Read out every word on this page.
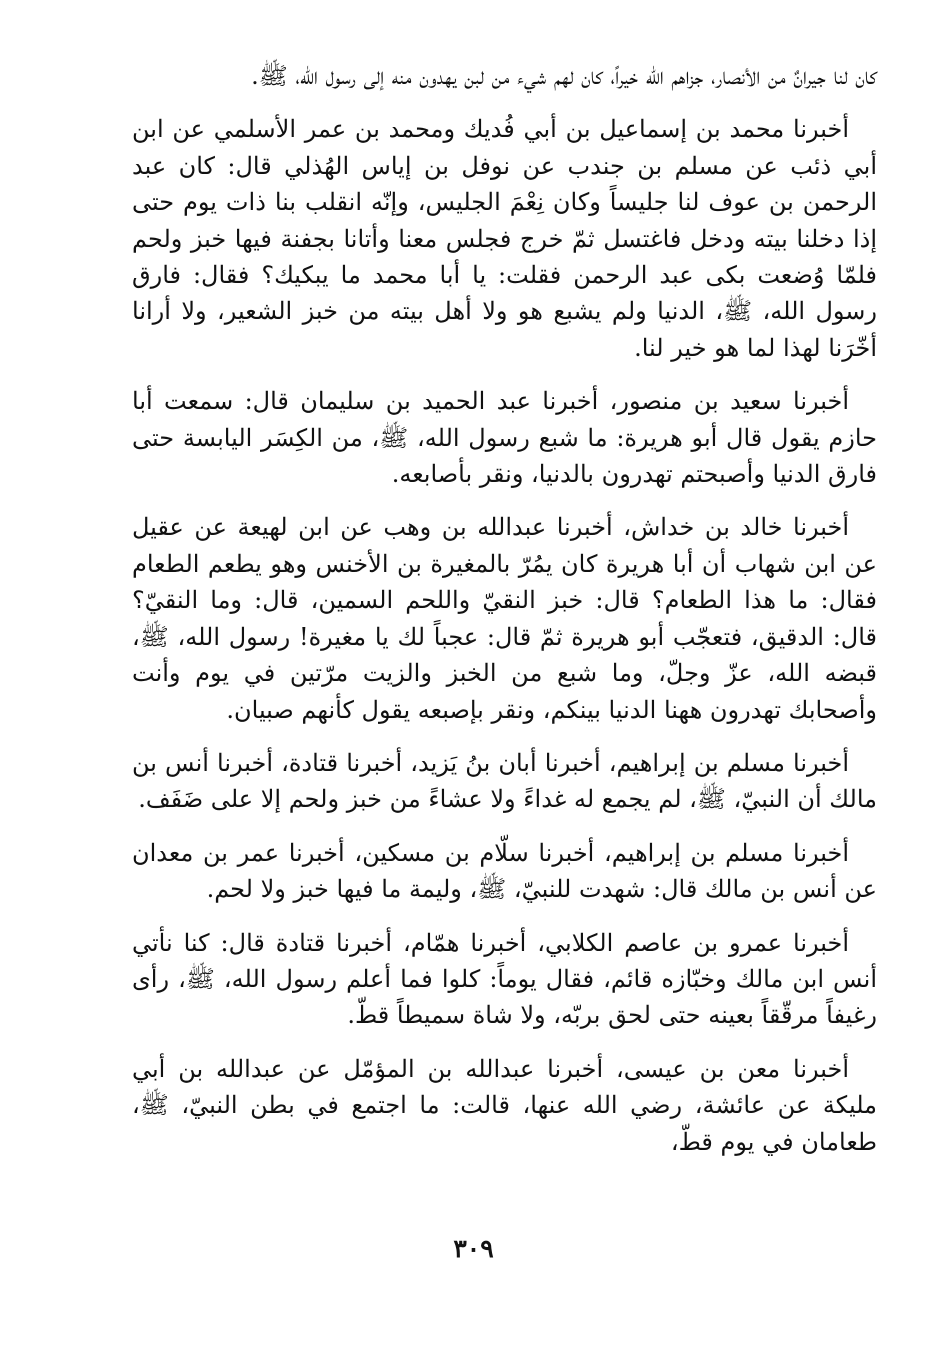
كان لنا جيرانٌ من الأنصار، جزاهم الله خيراً، كان لهم شيء من لبن يهدون منه إلى رسول الله، ﷺ.

أخبرنا محمد بن إسماعيل بن أبي فُديك ومحمد بن عمر الأسلمي عن ابن أبي ذئب عن مسلم بن جندب عن نوفل بن إياس الهُذلي قال: كان عبد الرحمن بن عوف لنا جليساً وكان نِعْمَ الجليس، وإنّه انقلب بنا ذات يوم حتى إذا دخلنا بيته ودخل فاغتسل ثمّ خرج فجلس معنا وأتانا بجفنة فيها خبز ولحم فلمّا وُضعت بكى عبد الرحمن فقلت: يا أبا محمد ما يبكيك؟ فقال: فارق رسول الله، ﷺ، الدنيا ولم يشبع هو ولا أهل بيته من خبز الشعير، ولا أرانا أخّرَنا لهذا لما هو خير لنا.

أخبرنا سعيد بن منصور، أخبرنا عبد الحميد بن سليمان قال: سمعت أبا حازم يقول قال أبو هريرة: ما شبع رسول الله، ﷺ، من الكِسَر اليابسة حتى فارق الدنيا وأصبحتم تهدرون بالدنيا، ونقر بأصابعه.

أخبرنا خالد بن خداش، أخبرنا عبدالله بن وهب عن ابن لهيعة عن عقيل عن ابن شهاب أن أبا هريرة كان يمُرّ بالمغيرة بن الأخنس وهو يطعم الطعام فقال: ما هذا الطعام؟ قال: خبز النقيّ واللحم السمين، قال: وما النقيّ؟ قال: الدقيق، فتعجّب أبو هريرة ثمّ قال: عجباً لك يا مغيرة! رسول الله، ﷺ، قبضه الله، عزّ وجلّ، وما شبع من الخبز والزيت مرّتين في يوم وأنت وأصحابك تهدرون ههنا الدنيا بينكم، ونقر بإصبعه يقول كأنهم صبيان.

أخبرنا مسلم بن إبراهيم، أخبرنا أبان بنُ يَزيد، أخبرنا قتادة، أخبرنا أنس بن مالك أن النبيّ، ﷺ، لم يجمع له غداءً ولا عشاءً من خبز ولحم إلا على ضَفَف.

أخبرنا مسلم بن إبراهيم، أخبرنا سلّام بن مسكين، أخبرنا عمر بن معدان عن أنس بن مالك قال: شهدت للنبيّ، ﷺ، وليمة ما فيها خبز ولا لحم.

أخبرنا عمرو بن عاصم الكلابي، أخبرنا همّام، أخبرنا قتادة قال: كنا نأتي أنس ابن مالك وخبّازه قائم، فقال يوماً: كلوا فما أعلم رسول الله، ﷺ، رأى رغيفاً مرقّقاً بعينه حتى لحق بربّه، ولا شاة سميطاً قطّ.

أخبرنا معن بن عيسى، أخبرنا عبدالله بن المؤمّل عن عبدالله بن أبي مليكة عن عائشة، رضي الله عنها، قالت: ما اجتمع في بطن النبيّ، ﷺ، طعامان في يوم قطّ،

٣٠٩
